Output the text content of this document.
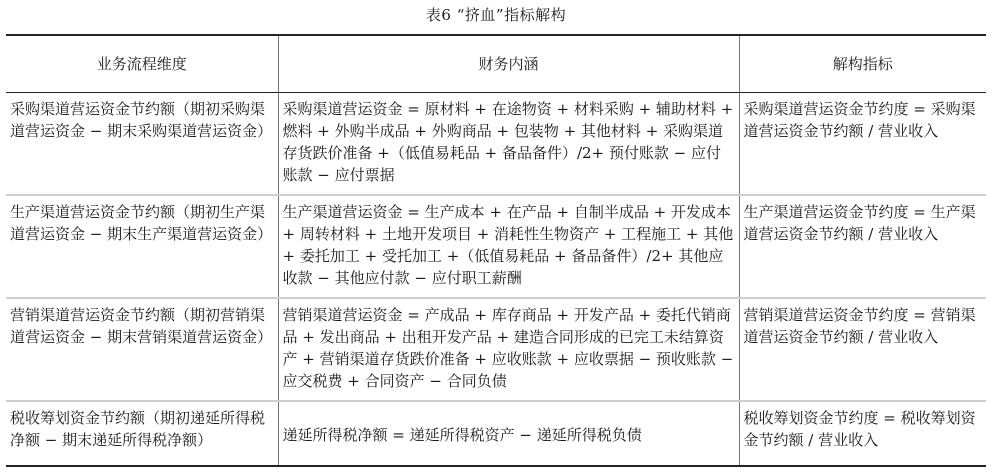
表6 “挤血”指标解构
业务流程维度	财务内涵	解构指标
采购渠道营运资金节约额（期初采购渠道营运资金 − 期末采购渠道营运资金）	采购渠道营运资金 = 原材料 + 在途物资 + 材料采购 + 辅助材料 + 燃料 + 外购半成品 + 外购商品 + 包装物 + 其他材料 + 采购渠道存货跌价准备 +（低值易耗品 + 备品备件）/2+ 预付账款 − 应付账款 − 应付票据	采购渠道营运资金节约度 = 采购渠道营运资金节约额 / 营业收入
生产渠道营运资金节约额（期初生产渠道营运资金 − 期末生产渠道营运资金）	生产渠道营运资金 = 生产成本 + 在产品 + 自制半成品 + 开发成本 + 周转材料 + 土地开发项目 + 消耗性生物资产 + 工程施工 + 其他 + 委托加工 + 受托加工 +（低值易耗品 + 备品备件）/2+ 其他应收款 − 其他应付款 − 应付职工薪酬	生产渠道营运资金节约度 = 生产渠道营运资金节约额 / 营业收入
营销渠道营运资金节约额（期初营销渠道营运资金 − 期末营销渠道营运资金）	营销渠道营运资金 = 产成品 + 库存商品 + 开发产品 + 委托代销商品 + 发出商品 + 出租开发产品 + 建造合同形成的已完工未结算资产 + 营销渠道存货跌价准备 + 应收账款 + 应收票据 − 预收账款 − 应交税费 + 合同资产 − 合同负债	营销渠道营运资金节约度 = 营销渠道营运资金节约额 / 营业收入
税收筹划资金节约额（期初递延所得税净额 − 期末递延所得税净额）	递延所得税净额 = 递延所得税资产 − 递延所得税负债	税收筹划资金节约度 = 税收筹划资金节约额 / 营业收入
